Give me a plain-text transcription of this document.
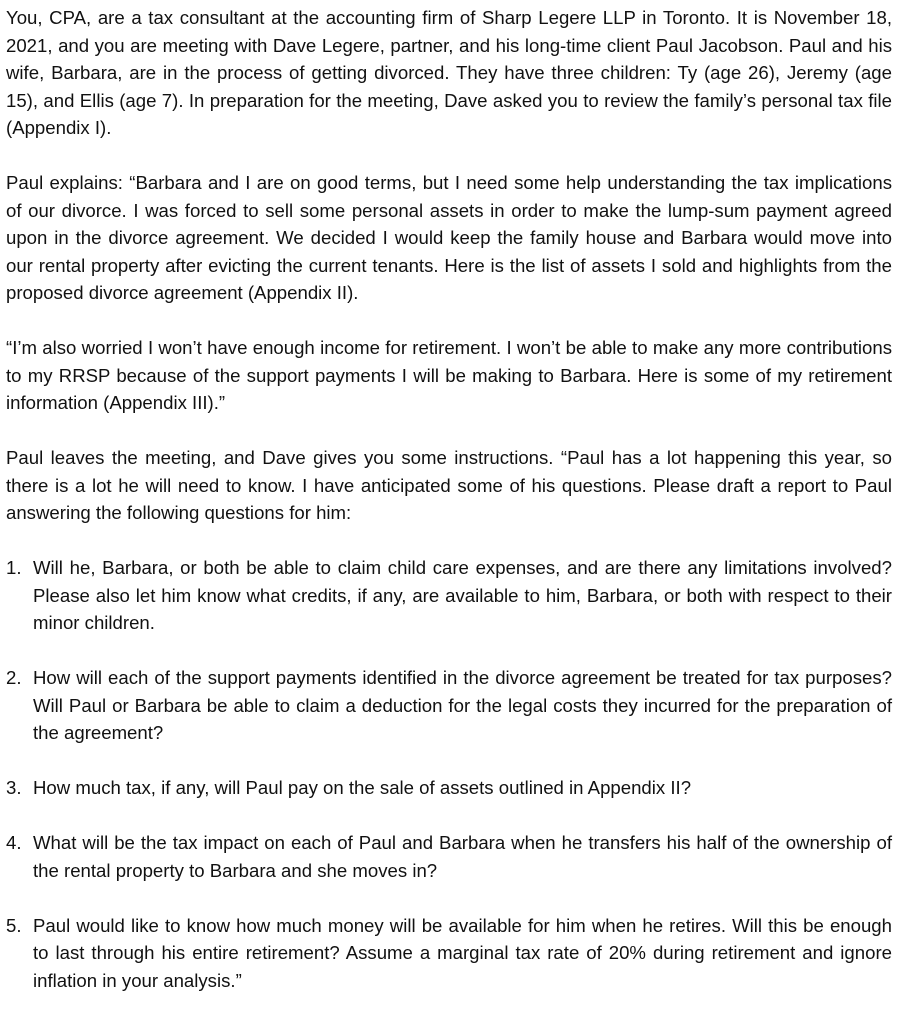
You, CPA, are a tax consultant at the accounting firm of Sharp Legere LLP in Toronto. It is November 18, 2021, and you are meeting with Dave Legere, partner, and his long-time client Paul Jacobson. Paul and his wife, Barbara, are in the process of getting divorced. They have three children: Ty (age 26), Jeremy (age 15), and Ellis (age 7). In preparation for the meeting, Dave asked you to review the family’s personal tax file (Appendix I).

Paul explains: “Barbara and I are on good terms, but I need some help understanding the tax implications of our divorce. I was forced to sell some personal assets in order to make the lump-sum payment agreed upon in the divorce agreement. We decided I would keep the family house and Barbara would move into our rental property after evicting the current tenants. Here is the list of assets I sold and highlights from the proposed divorce agreement (Appendix II).

“I’m also worried I won’t have enough income for retirement. I won’t be able to make any more contributions to my RRSP because of the support payments I will be making to Barbara. Here is some of my retirement information (Appendix III).”

Paul leaves the meeting, and Dave gives you some instructions. “Paul has a lot happening this year, so there is a lot he will need to know. I have anticipated some of his questions. Please draft a report to Paul answering the following questions for him:

1. Will he, Barbara, or both be able to claim child care expenses, and are there any limitations involved? Please also let him know what credits, if any, are available to him, Barbara, or both with respect to their minor children.
2. How will each of the support payments identified in the divorce agreement be treated for tax purposes? Will Paul or Barbara be able to claim a deduction for the legal costs they incurred for the preparation of the agreement?
3. How much tax, if any, will Paul pay on the sale of assets outlined in Appendix II?
4. What will be the tax impact on each of Paul and Barbara when he transfers his half of the ownership of the rental property to Barbara and she moves in?
5. Paul would like to know how much money will be available for him when he retires. Will this be enough to last through his entire retirement? Assume a marginal tax rate of 20% during retirement and ignore inflation in your analysis.”
